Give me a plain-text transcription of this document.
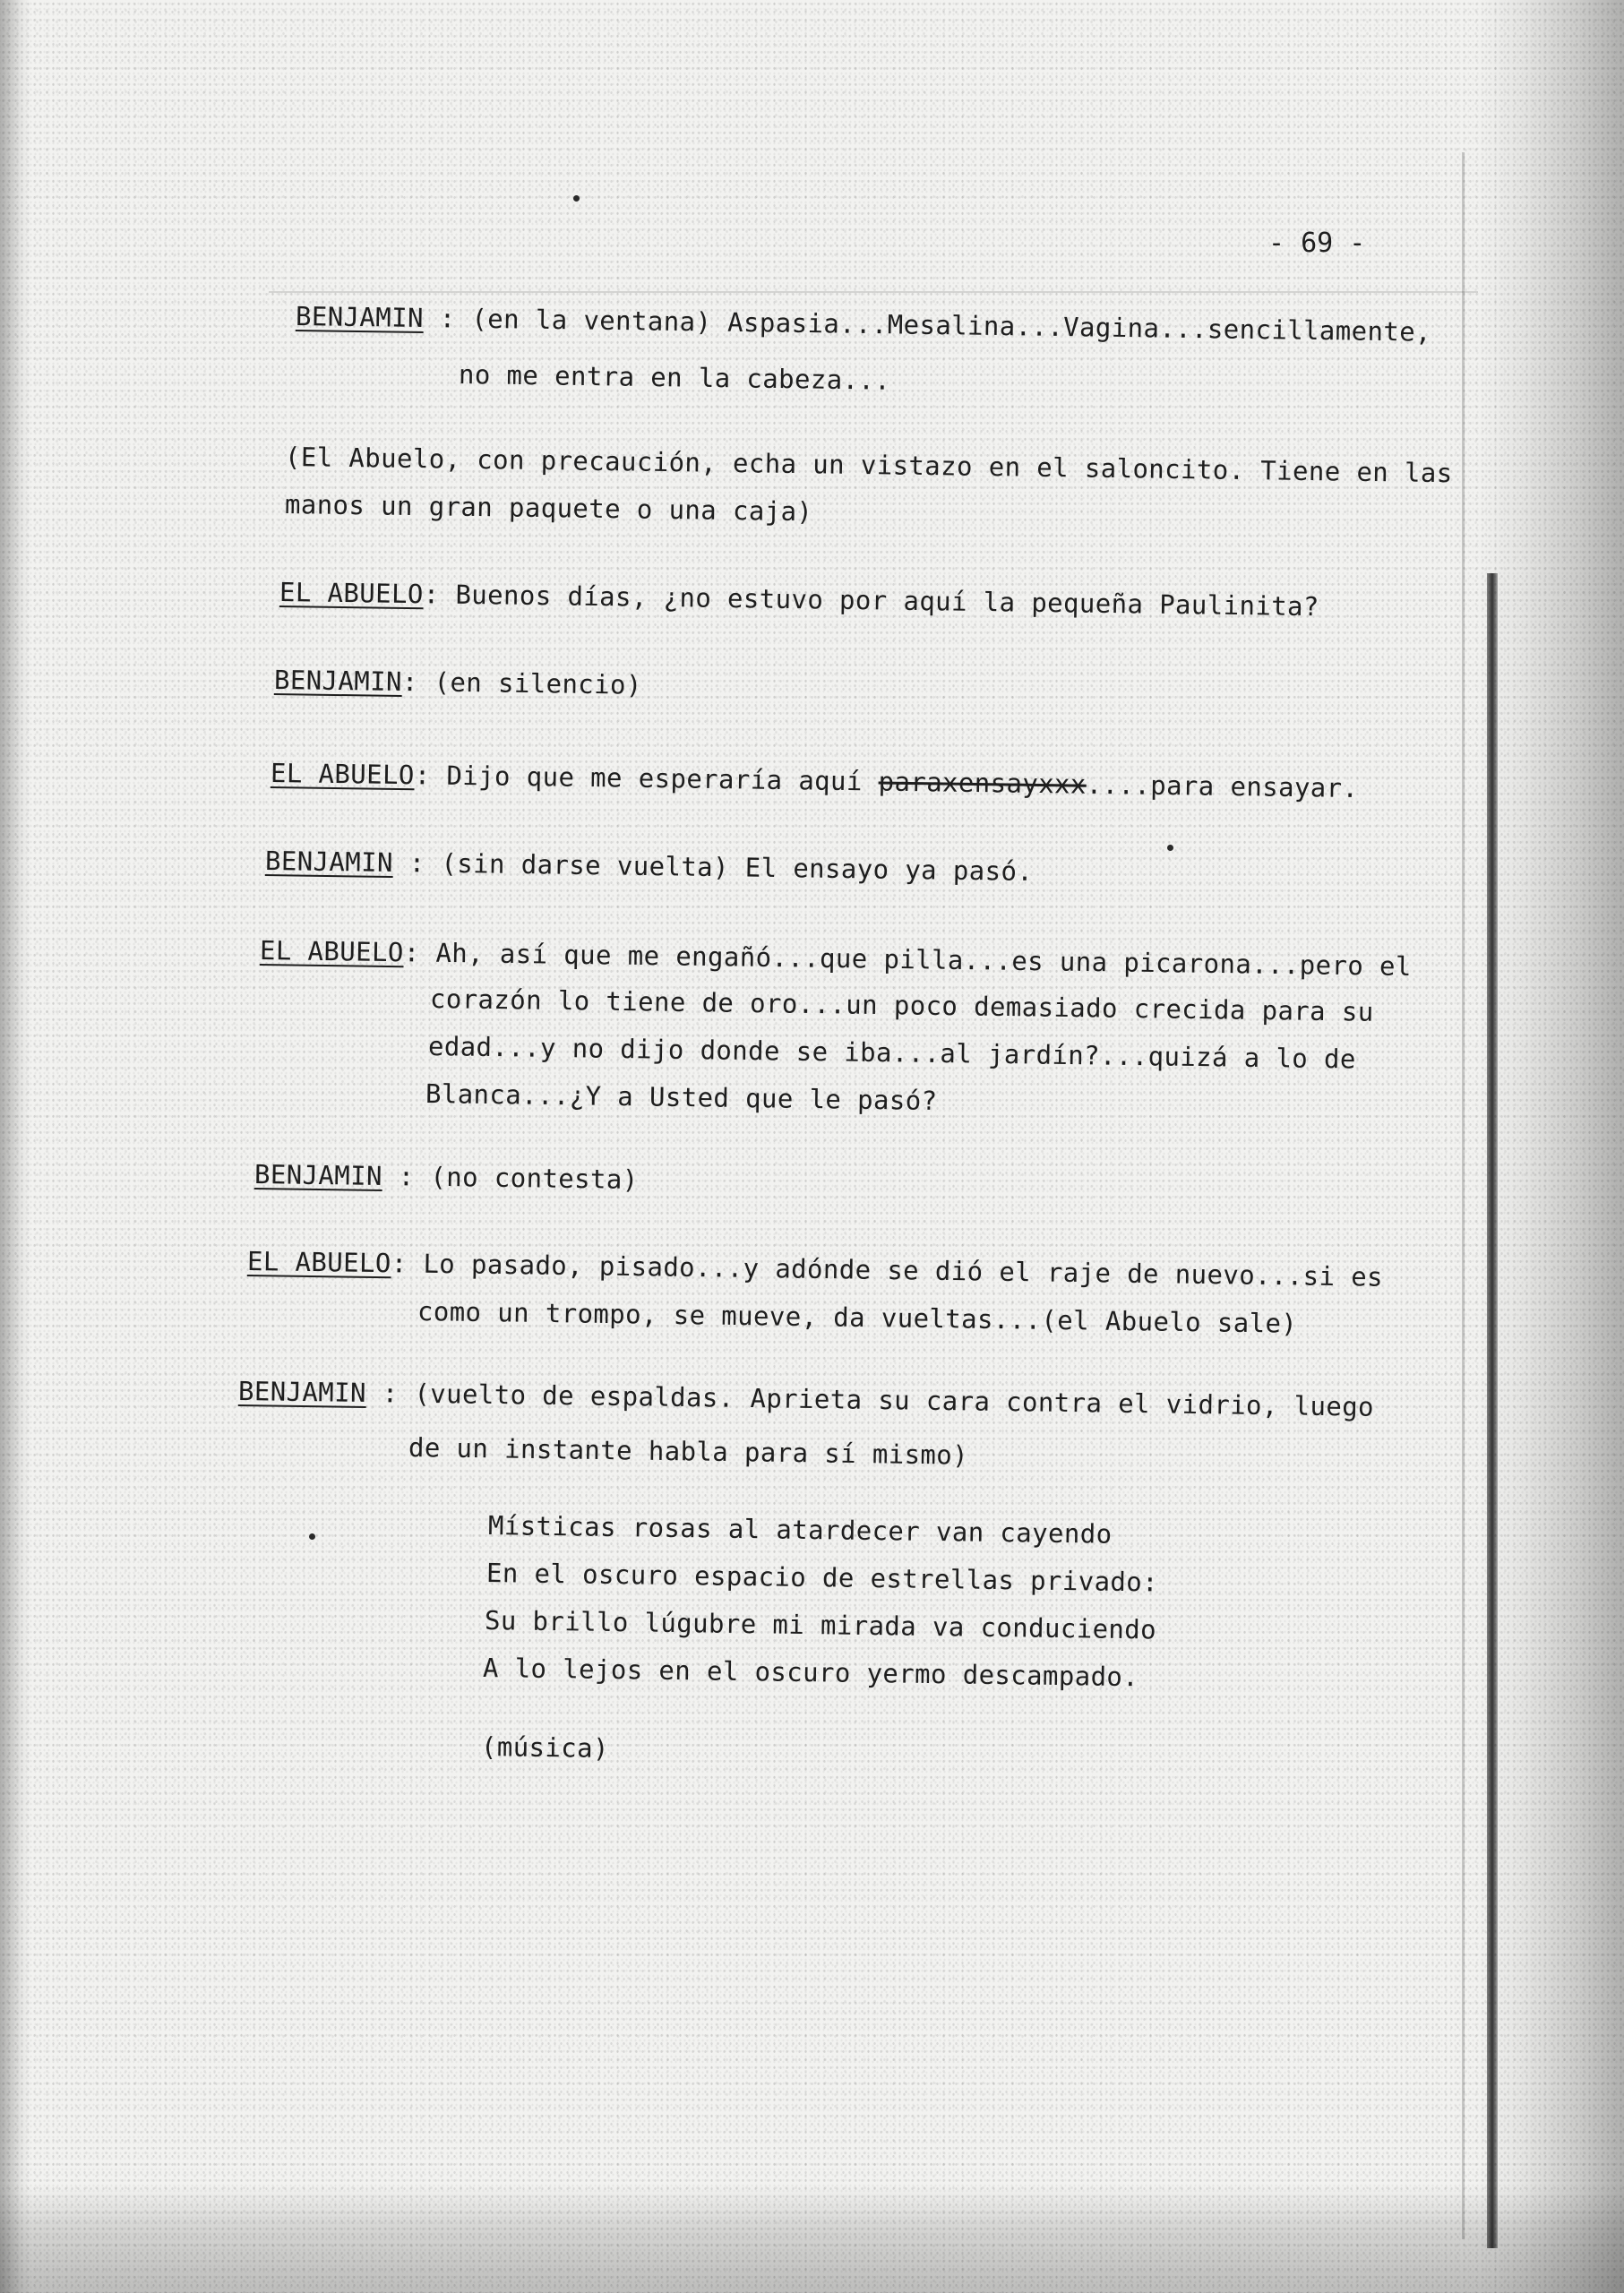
- 69 -
BENJAMIN : (en la ventana) Aspasia...Mesalina...Vagina...sencillamente,
no me entra en la cabeza...
(El Abuelo, con precaución, echa un vistazo en el saloncito. Tiene en las
manos un gran paquete o una caja)
EL ABUELO: Buenos días, ¿no estuvo por aquí la pequeña Paulinita?
BENJAMIN: (en silencio)
EL ABUELO: Dijo que me esperaría aquí paraxensayxxx....para ensayar.
BENJAMIN : (sin darse vuelta) El ensayo ya pasó.
EL ABUELO: Ah, así que me engañó...que pilla...es una picarona...pero el
corazón lo tiene de oro...un poco demasiado crecida para su
edad...y no dijo donde se iba...al jardín?...quizá a lo de
Blanca...¿Y a Usted que le pasó?
BENJAMIN : (no contesta)
EL ABUELO: Lo pasado, pisado...y adónde se dió el raje de nuevo...si es
como un trompo, se mueve, da vueltas...(el Abuelo sale)
BENJAMIN : (vuelto de espaldas. Aprieta su cara contra el vidrio, luego
de un instante habla para sí mismo)
Místicas rosas al atardecer van cayendo
En el oscuro espacio de estrellas privado:
Su brillo lúgubre mi mirada va conduciendo
A lo lejos en el oscuro yermo descampado.
(música)
